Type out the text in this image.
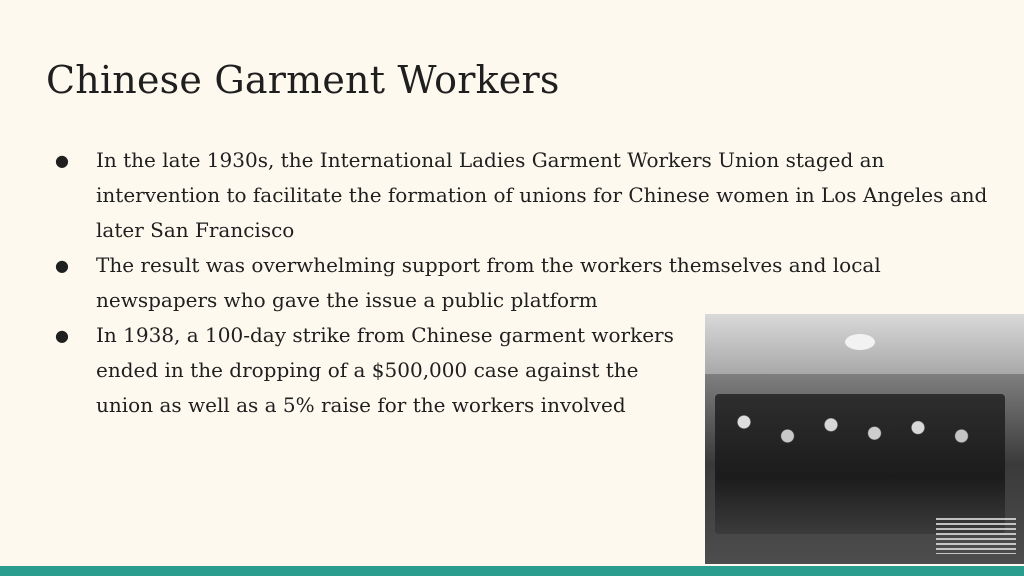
Chinese Garment Workers
● In the late 1930s, the International Ladies Garment Workers Union staged an intervention to facilitate the formation of unions for Chinese women in Los Angeles and later San Francisco
● The result was overwhelming support from the workers themselves and local newspapers who gave the issue a public platform
● In 1938, a 100-day strike from Chinese garment workers ended in the dropping of a $500,000 case against the union as well as a 5% raise for the workers involved
